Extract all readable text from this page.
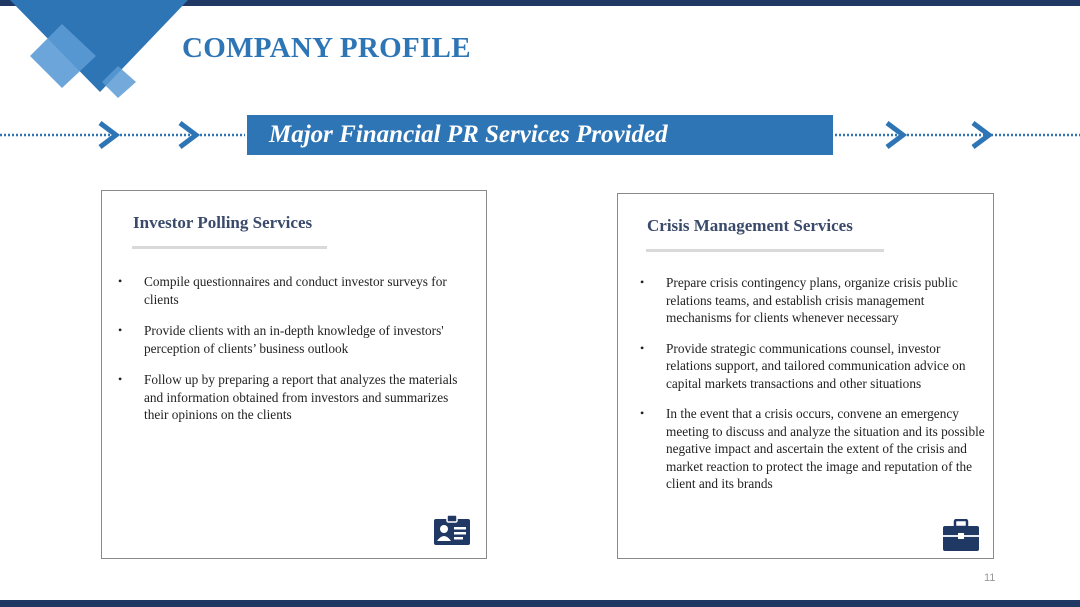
COMPANY PROFILE
Major Financial PR Services Provided
Investor Polling Services
• Compile questionnaires and conduct investor surveys for clients
• Provide clients with an in-depth knowledge of investors' perception of clients’ business outlook
• Follow up by preparing a report that analyzes the materials and information obtained from investors and summarizes their opinions on the clients
Crisis Management Services
• Prepare crisis contingency plans, organize crisis public relations teams, and establish crisis management mechanisms for clients whenever necessary
• Provide strategic communications counsel, investor relations support, and tailored communication advice on capital markets transactions and other situations
• In the event that a crisis occurs, convene an emergency meeting to discuss and analyze the situation and its possible negative impact and ascertain the extent of the crisis and market reaction to protect the image and reputation of the client and its brands
11
